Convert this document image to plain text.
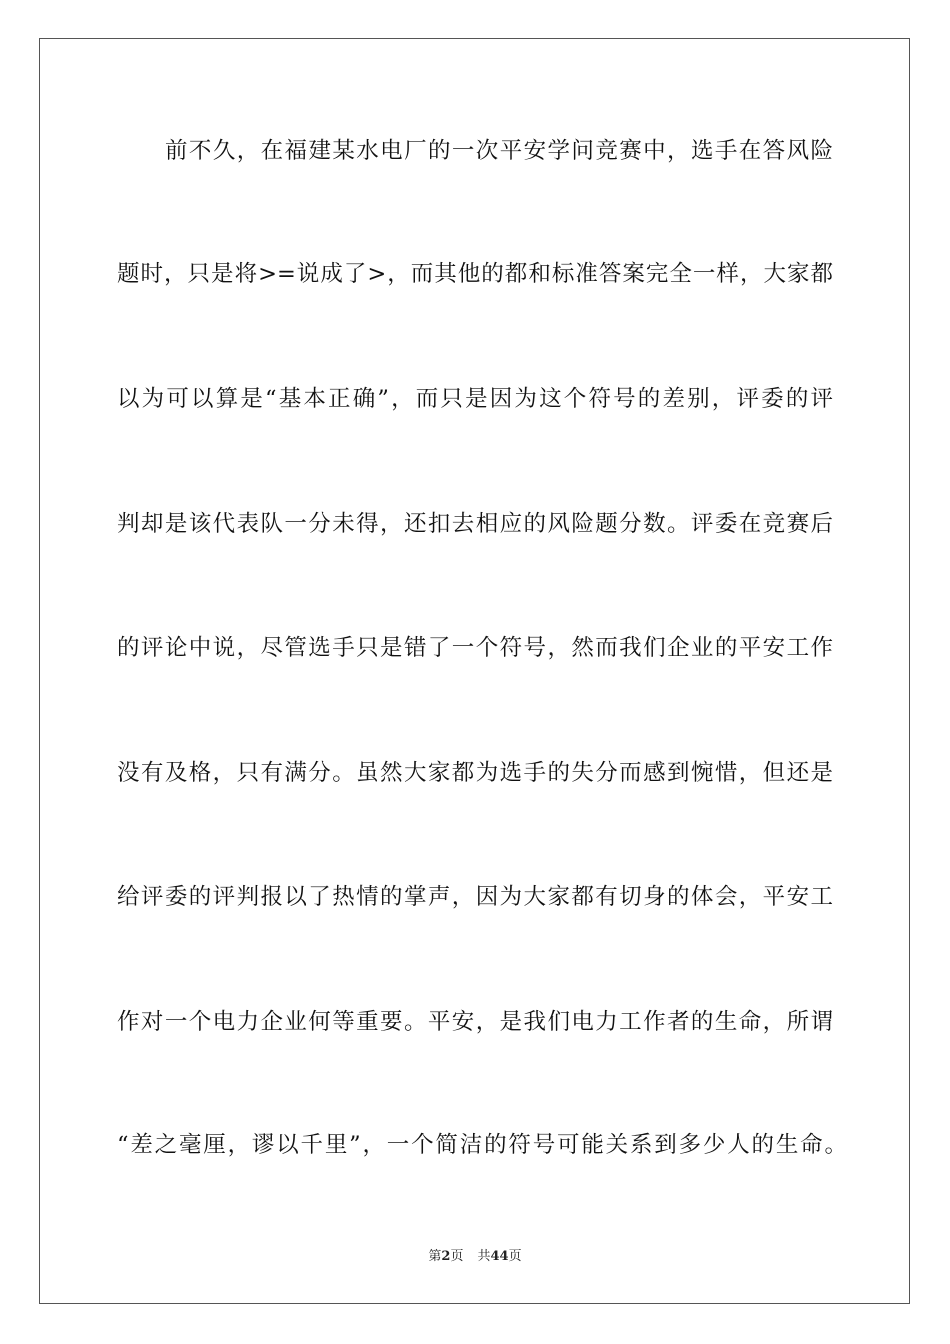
前不久，在福建某水电厂的一次平安学问竞赛中，选手在答风险
题时，只是将>=说成了>，而其他的都和标准答案完全一样，大家都
以为可以算是“基本正确”，而只是因为这个符号的差别，评委的评
判却是该代表队一分未得，还扣去相应的风险题分数。评委在竞赛后
的评论中说，尽管选手只是错了一个符号，然而我们企业的平安工作
没有及格，只有满分。虽然大家都为选手的失分而感到惋惜，但还是
给评委的评判报以了热情的掌声，因为大家都有切身的体会，平安工
作对一个电力企业何等重要。平安，是我们电力工作者的生命，所谓
“差之毫厘，谬以千里”，一个简洁的符号可能关系到多少人的生命。
第2页 共44页
